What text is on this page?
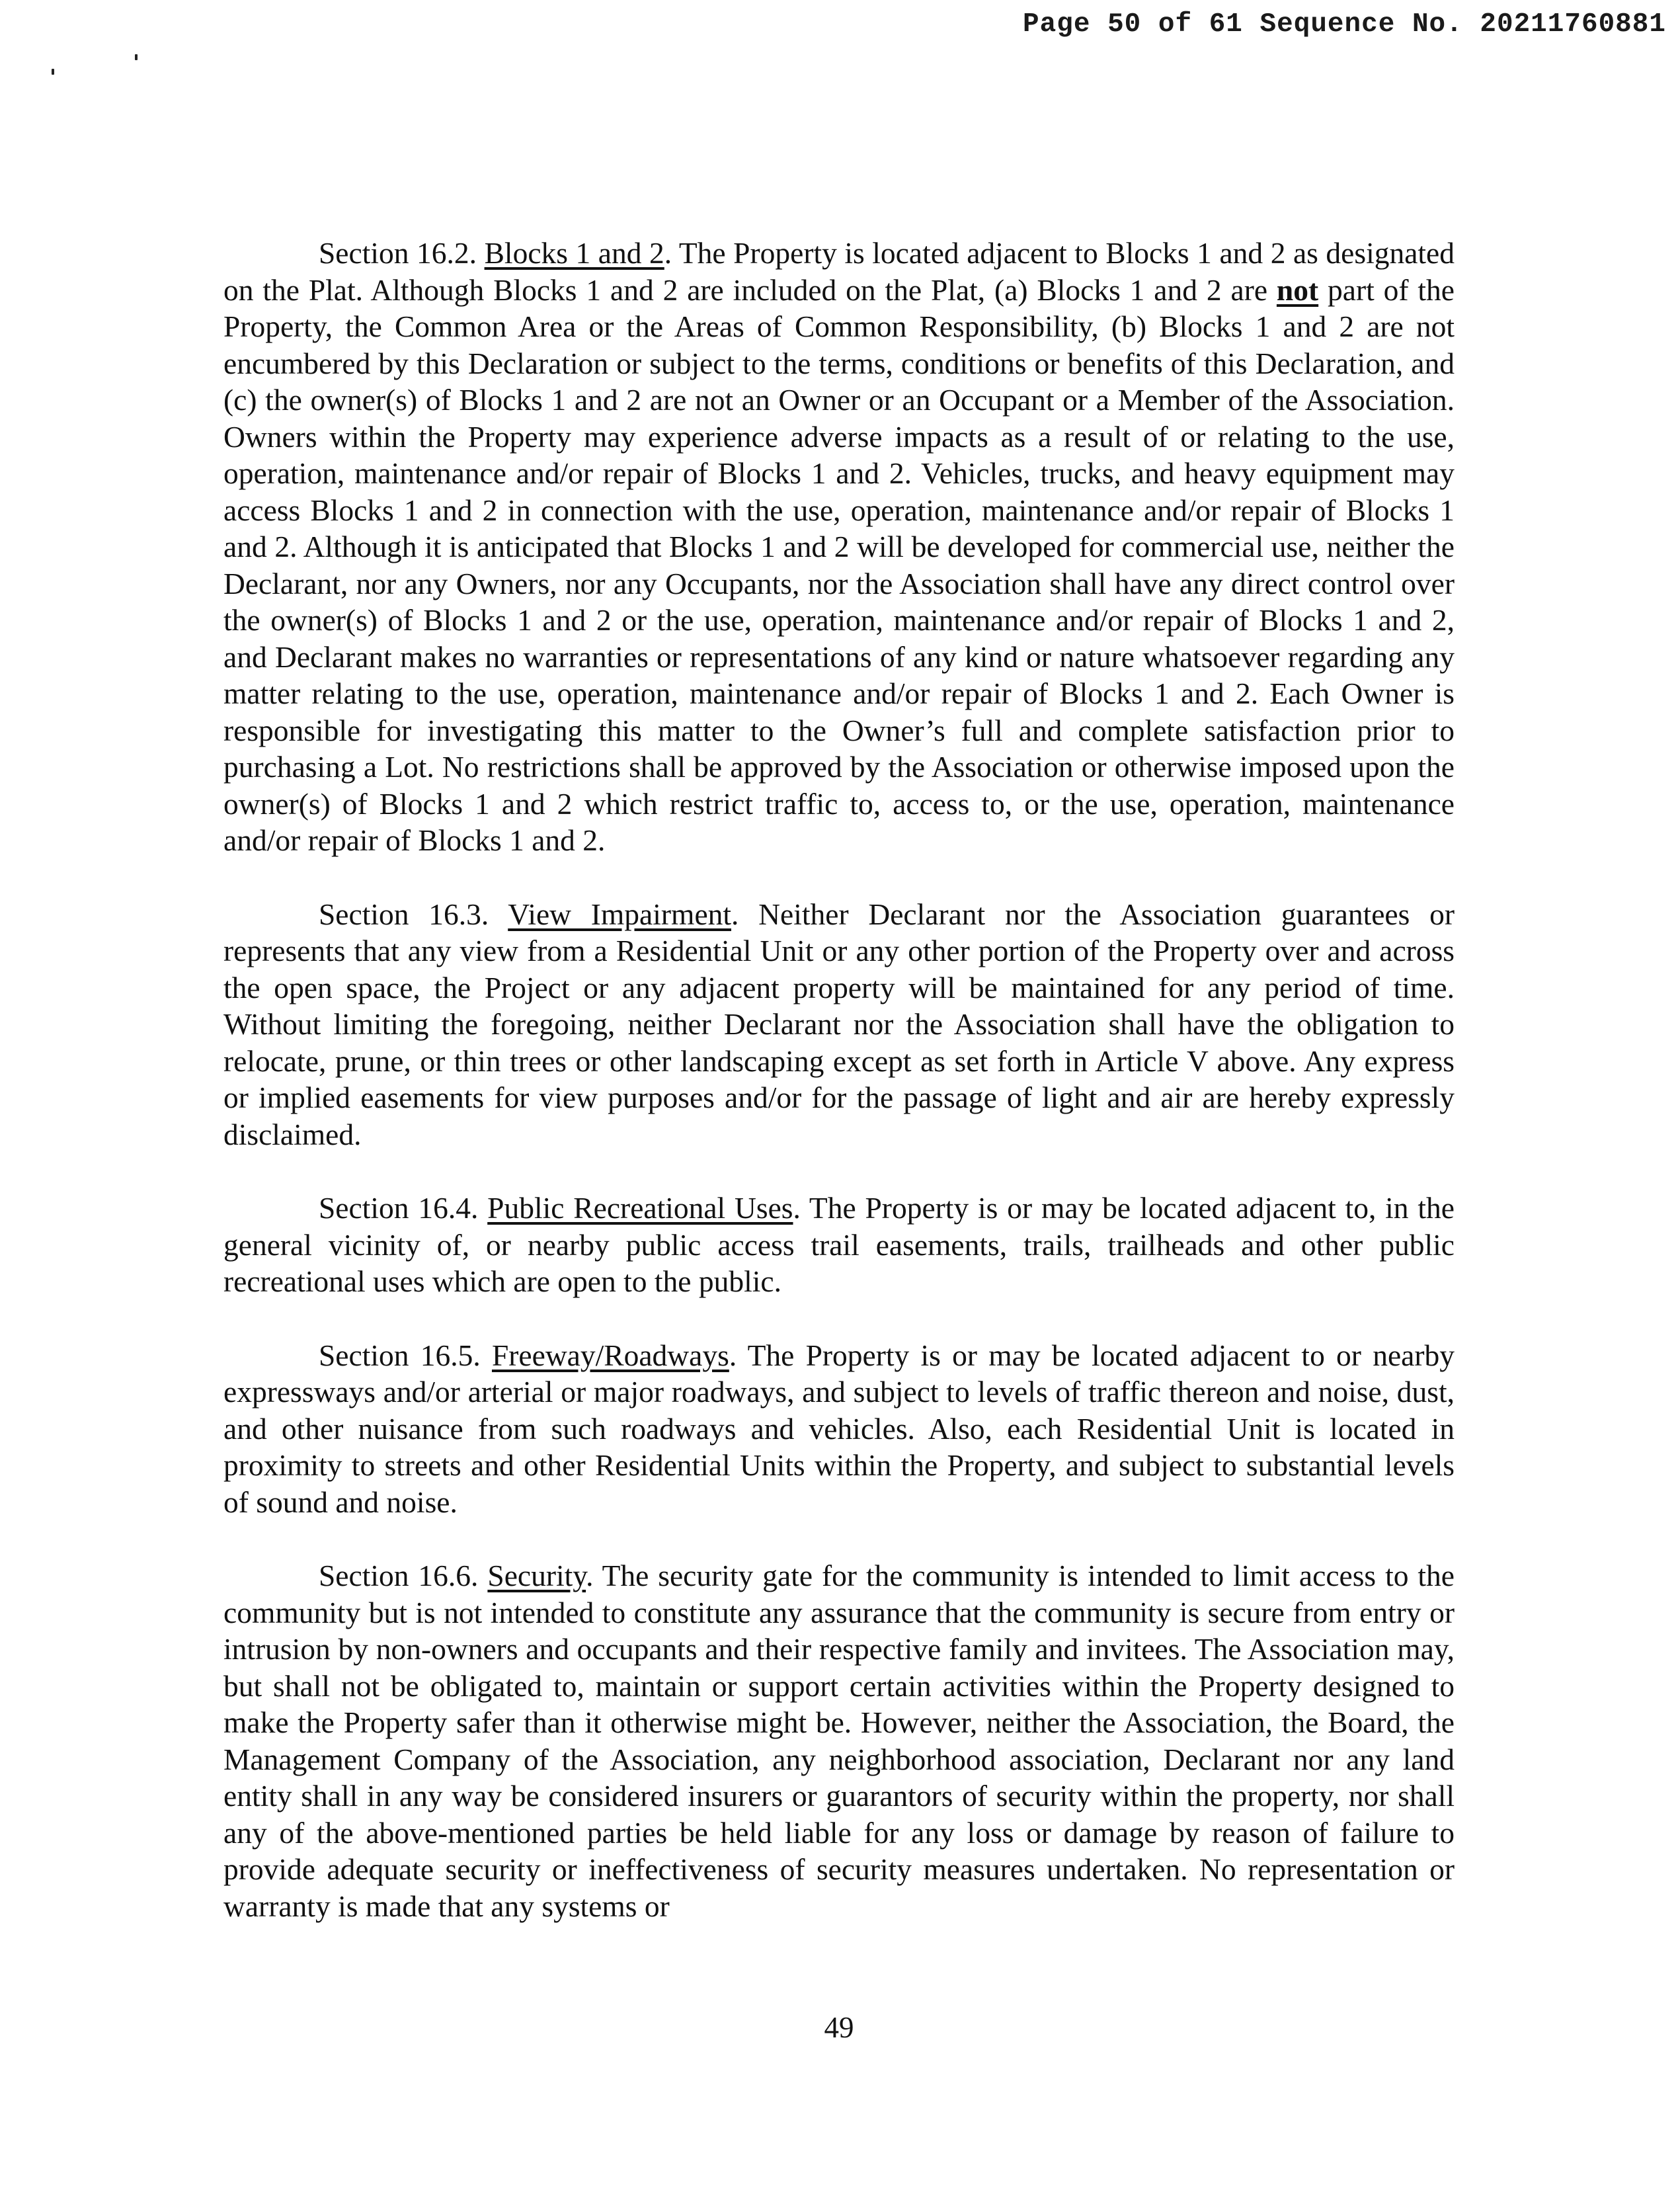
Page 50 of 61 Sequence No. 20211760881

Section 16.2. Blocks 1 and 2. The Property is located adjacent to Blocks 1 and 2 as designated on the Plat. Although Blocks 1 and 2 are included on the Plat, (a) Blocks 1 and 2 are not part of the Property, the Common Area or the Areas of Common Responsibility, (b) Blocks 1 and 2 are not encumbered by this Declaration or subject to the terms, conditions or benefits of this Declaration, and (c) the owner(s) of Blocks 1 and 2 are not an Owner or an Occupant or a Member of the Association. Owners within the Property may experience adverse impacts as a result of or relating to the use, operation, maintenance and/or repair of Blocks 1 and 2. Vehicles, trucks, and heavy equipment may access Blocks 1 and 2 in connection with the use, operation, maintenance and/or repair of Blocks 1 and 2. Although it is anticipated that Blocks 1 and 2 will be developed for commercial use, neither the Declarant, nor any Owners, nor any Occupants, nor the Association shall have any direct control over the owner(s) of Blocks 1 and 2 or the use, operation, maintenance and/or repair of Blocks 1 and 2, and Declarant makes no warranties or representations of any kind or nature whatsoever regarding any matter relating to the use, operation, maintenance and/or repair of Blocks 1 and 2. Each Owner is responsible for investigating this matter to the Owner’s full and complete satisfaction prior to purchasing a Lot. No restrictions shall be approved by the Association or otherwise imposed upon the owner(s) of Blocks 1 and 2 which restrict traffic to, access to, or the use, operation, maintenance and/or repair of Blocks 1 and 2.

Section 16.3. View Impairment. Neither Declarant nor the Association guarantees or represents that any view from a Residential Unit or any other portion of the Property over and across the open space, the Project or any adjacent property will be maintained for any period of time. Without limiting the foregoing, neither Declarant nor the Association shall have the obligation to relocate, prune, or thin trees or other landscaping except as set forth in Article V above. Any express or implied easements for view purposes and/or for the passage of light and air are hereby expressly disclaimed.

Section 16.4. Public Recreational Uses. The Property is or may be located adjacent to, in the general vicinity of, or nearby public access trail easements, trails, trailheads and other public recreational uses which are open to the public.

Section 16.5. Freeway/Roadways. The Property is or may be located adjacent to or nearby expressways and/or arterial or major roadways, and subject to levels of traffic thereon and noise, dust, and other nuisance from such roadways and vehicles. Also, each Residential Unit is located in proximity to streets and other Residential Units within the Property, and subject to substantial levels of sound and noise.

Section 16.6. Security. The security gate for the community is intended to limit access to the community but is not intended to constitute any assurance that the community is secure from entry or intrusion by non-owners and occupants and their respective family and invitees. The Association may, but shall not be obligated to, maintain or support certain activities within the Property designed to make the Property safer than it otherwise might be. However, neither the Association, the Board, the Management Company of the Association, any neighborhood association, Declarant nor any land entity shall in any way be considered insurers or guarantors of security within the property, nor shall any of the above-mentioned parties be held liable for any loss or damage by reason of failure to provide adequate security or ineffectiveness of security measures undertaken. No representation or warranty is made that any systems or

49
